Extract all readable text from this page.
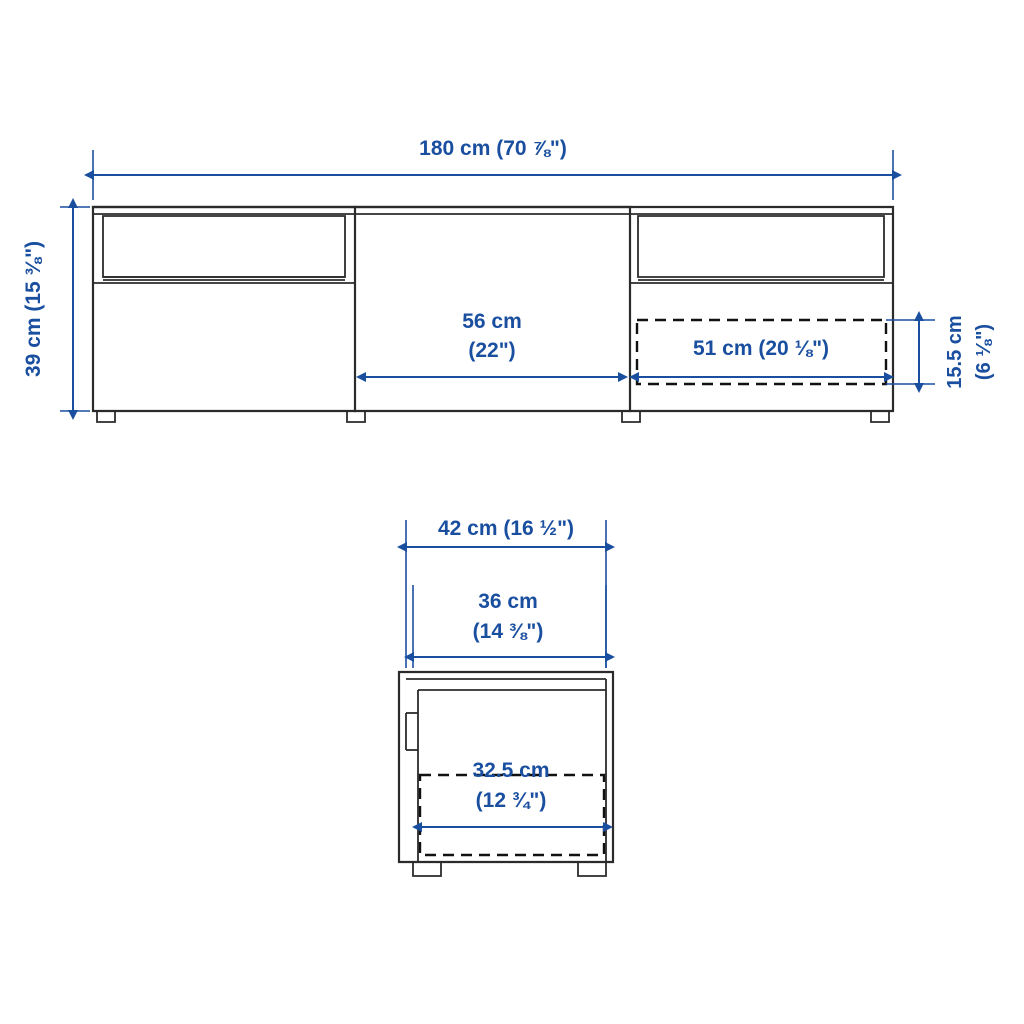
180 cm (70 ⅞")
39 cm (15 ⅜")	56 cm
(22")	51 cm (20 ⅛")	15.5 cm (6 ⅛")
42 cm (16 ½")
36 cm
(14 ⅜")
32.5 cm
(12 ¾")
